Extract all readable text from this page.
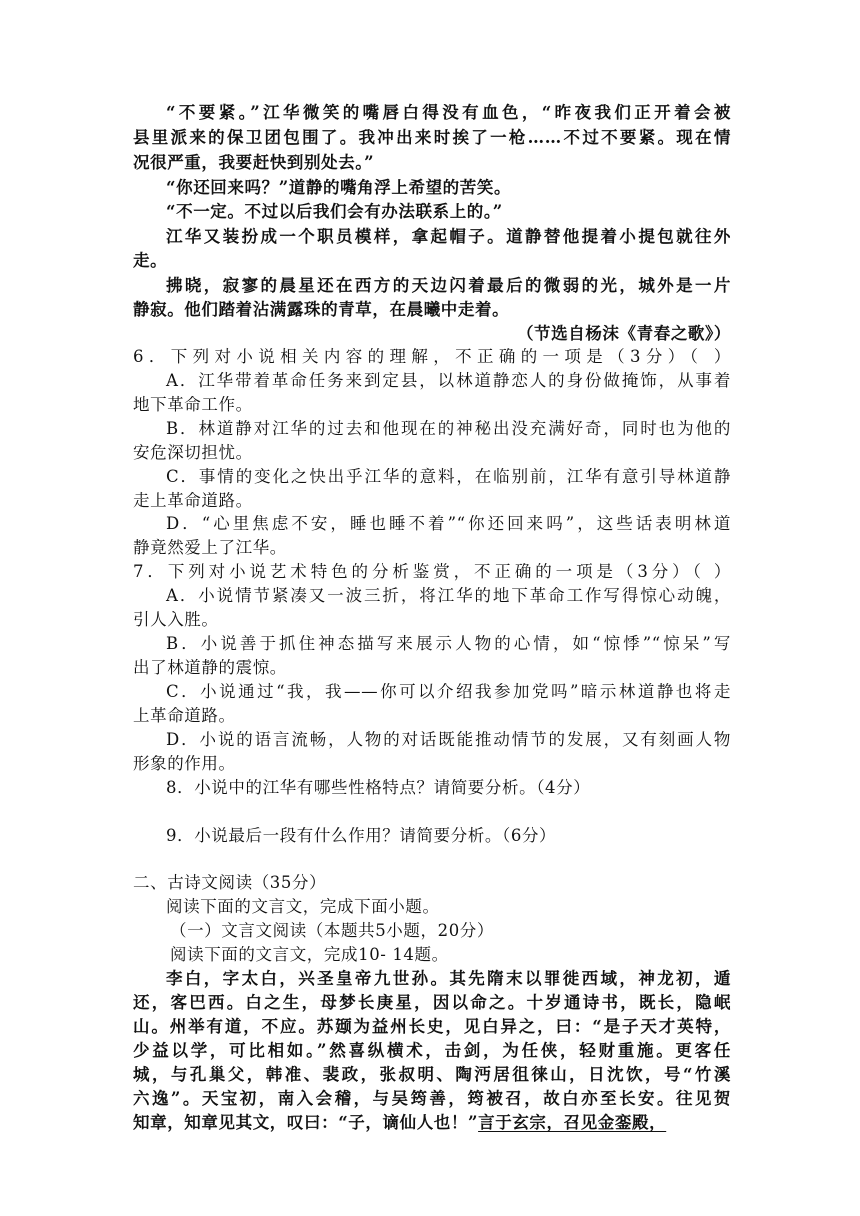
“不要紧。”江华微笑的嘴唇白得没有血色，“昨夜我们正开着会被
县里派来的保卫团包围了。我冲出来时挨了一枪……不过不要紧。现在情
况很严重，我要赶快到别处去。”
“你还回来吗？”道静的嘴角浮上希望的苦笑。
“不一定。不过以后我们会有办法联系上的。”
江华又装扮成一个职员模样，拿起帽子。道静替他提着小提包就往外
走。
拂晓，寂寥的晨星还在西方的天边闪着最后的微弱的光，城外是一片
静寂。他们踏着沾满露珠的青草，在晨曦中走着。
（节选自杨沫《青春之歌》）
6．下列对小说相关内容的理解，不正确的一项是（3分）（ ）
A．江华带着革命任务来到定县，以林道静恋人的身份做掩饰，从事着
地下革命工作。
B．林道静对江华的过去和他现在的神秘出没充满好奇，同时也为他的
安危深切担忧。
C．事情的变化之快出乎江华的意料，在临别前，江华有意引导林道静
走上革命道路。
D．“心里焦虑不安，睡也睡不着”“你还回来吗”，这些话表明林道
静竟然爱上了江华。
7．下列对小说艺术特色的分析鉴赏，不正确的一项是（3分）（ ）
A．小说情节紧凑又一波三折，将江华的地下革命工作写得惊心动魄，
引人入胜。
B．小说善于抓住神态描写来展示人物的心情，如“惊悸”“惊呆”写
出了林道静的震惊。
C．小说通过“我，我——你可以介绍我参加党吗”暗示林道静也将走
上革命道路。
D．小说的语言流畅，人物的对话既能推动情节的发展，又有刻画人物
形象的作用。
8．小说中的江华有哪些性格特点？请简要分析。（4分）
9．小说最后一段有什么作用？请简要分析。（6分）
二、古诗文阅读（35分）
阅读下面的文言文，完成下面小题。
（一）文言文阅读（本题共5小题，20分）
阅读下面的文言文，完成10- 14题。
李白，字太白，兴圣皇帝九世孙。其先隋末以罪徙西域，神龙初，遁
还，客巴西。白之生，母梦长庚星，因以命之。十岁通诗书，既长，隐岷
山。州举有道，不应。苏颋为益州长史，见白异之，曰：“是子天才英特，
少益以学，可比相如。”然喜纵横术，击剑，为任侠，轻财重施。更客任
城，与孔巢父，韩准、裴政，张叔明、陶沔居徂徕山，日沈饮，号“竹溪
六逸”。天宝初，南入会稽，与吴筠善，筠被召，故白亦至长安。往见贺
知章，知章见其文，叹曰：“子，谪仙人也！”言于玄宗，召见金銮殿，
